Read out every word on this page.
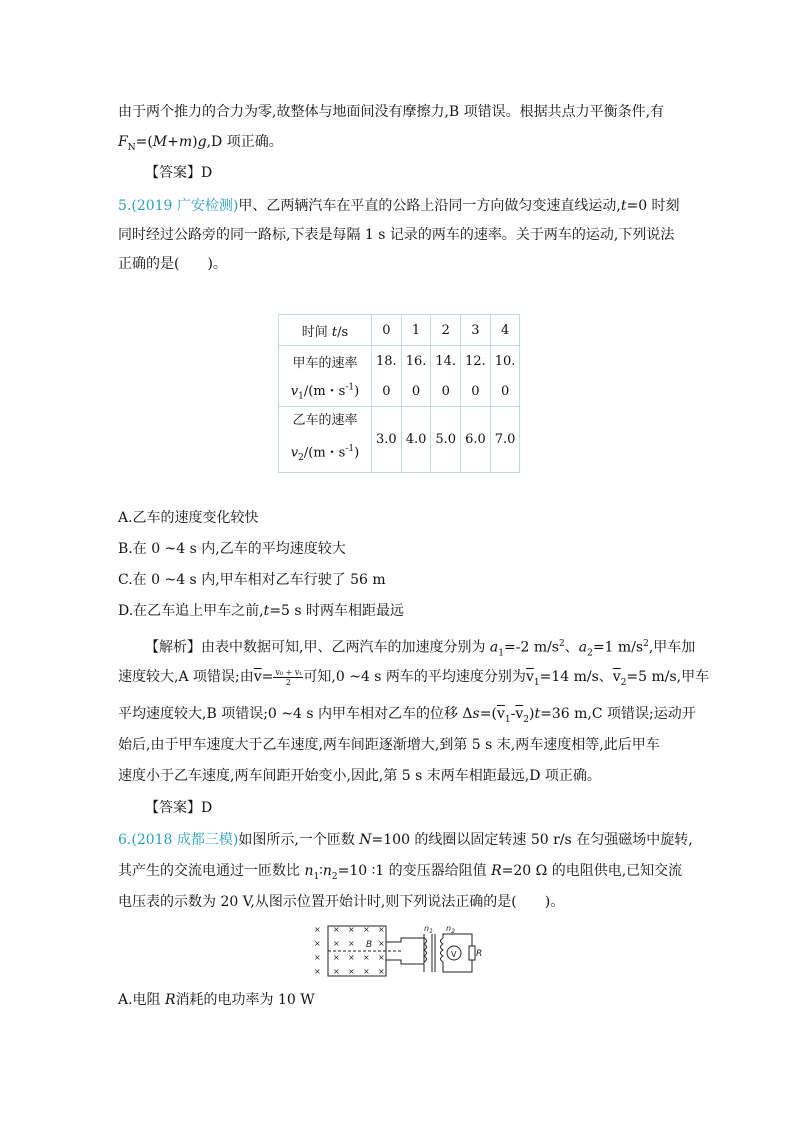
由于两个推力的合力为零,故整体与地面间没有摩擦力,B 项错误。根据共点力平衡条件,有
$F_N=(M+m)g,D$ 项正确。
【答案】D
5.(2019 广安检测)甲、乙两辆汽车在平直的公路上沿同一方向做匀变速直线运动,t=0 时刻
同时经过公路旁的同一路标,下表是每隔 1 s 记录的两车的速率。关于两车的运动,下列说法
正确的是(　　)。
时间 t/s	0	1	2	3	4
甲车的速率	18.	16.	14.	12.	10.
$v_1/(m$・$s^{-1}$)	0	0	0	0	0
乙车的速率
$v_2/(m$・$s^{-1}$)	3.0	4.0	5.0	6.0	7.0
A.乙车的速度变化较快
B.在 0 ~4 s 内,乙车的平均速度较大
C.在 0 ~4 s 内,甲车相对乙车行驶了 56 m
D.在乙车追上甲车之前,t=5 s 时两车相距最远
【解析】由表中数据可知,甲、乙两汽车的加速度分别为 $a_1=-2$ $m/s^2$、$a_2=1$ $m/s^2$,甲车加
速度较大,A 项错误;由$\overline{v}= \frac{\text{v₀ + vₜ}}{2}$ 可知,0 ~4 s 两车的平均速度分别为$\overline{v}_1=14$ m/s、$\overline{v}_2=5$ m/s,甲车
平均速度较大,B 项错误;0 ~4 s 内甲车相对乙车的位移 $\Delta s=(\overline{v}_1-\overline{v}_2)t=36$ m,C 项错误;运动开
始后,由于甲车速度大于乙车速度,两车间距逐渐增大,到第 5 s 末,两车速度相等,此后甲车
速度小于乙车速度,两车间距开始变小,因此,第 5 s 末两车相距最远,D 项正确。
【答案】D
6.(2018 成都三模)如图所示,一个匝数 N=100 的线圈以固定转速 50 r/s 在匀强磁场中旋转,
其产生的交流电通过一匝数比 $n_1∶n_2=10$ ∶1 的变压器给阻值 R=20 Ω 的电阻供电,已知交流
电压表的示数为 20 V,从图示位置开始计时,则下列说法正确的是(　　)。
×
×
×
×
×
×
×
×
×
×
×
×
×
×
×
×
×
×
×
B
$n_1$ $n_2$
R
V
A.电阻 R消耗的电功率为 10 W
